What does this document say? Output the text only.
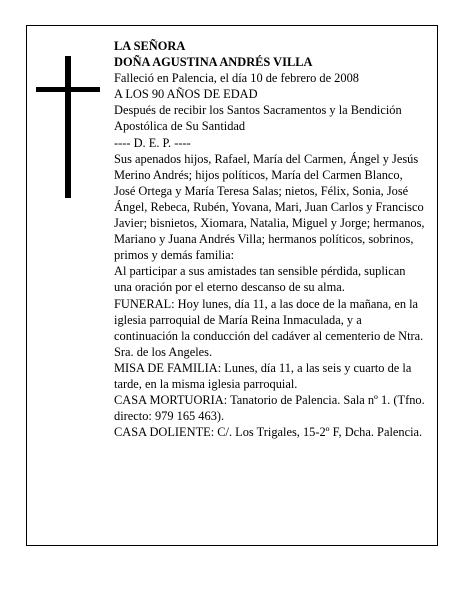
LA SEÑORA

DOÑA AGUSTINA ANDRÉS VILLA

Falleció en Palencia, el día 10 de febrero de 2008

A LOS 90 AÑOS DE EDAD

Después de recibir los Santos Sacramentos y la Bendición Apostólica de Su Santidad

---- D. E. P. ----

Sus apenados hijos, Rafael, María del Carmen, Ángel y Jesús Merino Andrés; hijos políticos, María del Carmen Blanco, José Ortega y María Teresa Salas; nietos, Félix, Sonia, José Ángel, Rebeca, Rubén, Yovana, Mari, Juan Carlos y Francisco Javier; bisnietos, Xiomara, Natalia, Miguel y Jorge; hermanos, Mariano y Juana Andrés Villa; hermanos políticos, sobrinos, primos y demás familia:

Al participar a sus amistades tan sensible pérdida, suplican una oración por el eterno descanso de su alma.

FUNERAL: Hoy lunes, día 11, a las doce de la mañana, en la iglesia parroquial de María Reina Inmaculada, y a continuación la conducción del cadáver al cementerio de Ntra. Sra. de los Angeles.

MISA DE FAMILIA: Lunes, día 11, a las seis y cuarto de la tarde, en la misma iglesia parroquial.

CASA MORTUORIA: Tanatorio de Palencia. Sala nº 1. (Tfno. directo: 979 165 463).

CASA DOLIENTE: C/. Los Trigales, 15-2º F, Dcha. Palencia.
